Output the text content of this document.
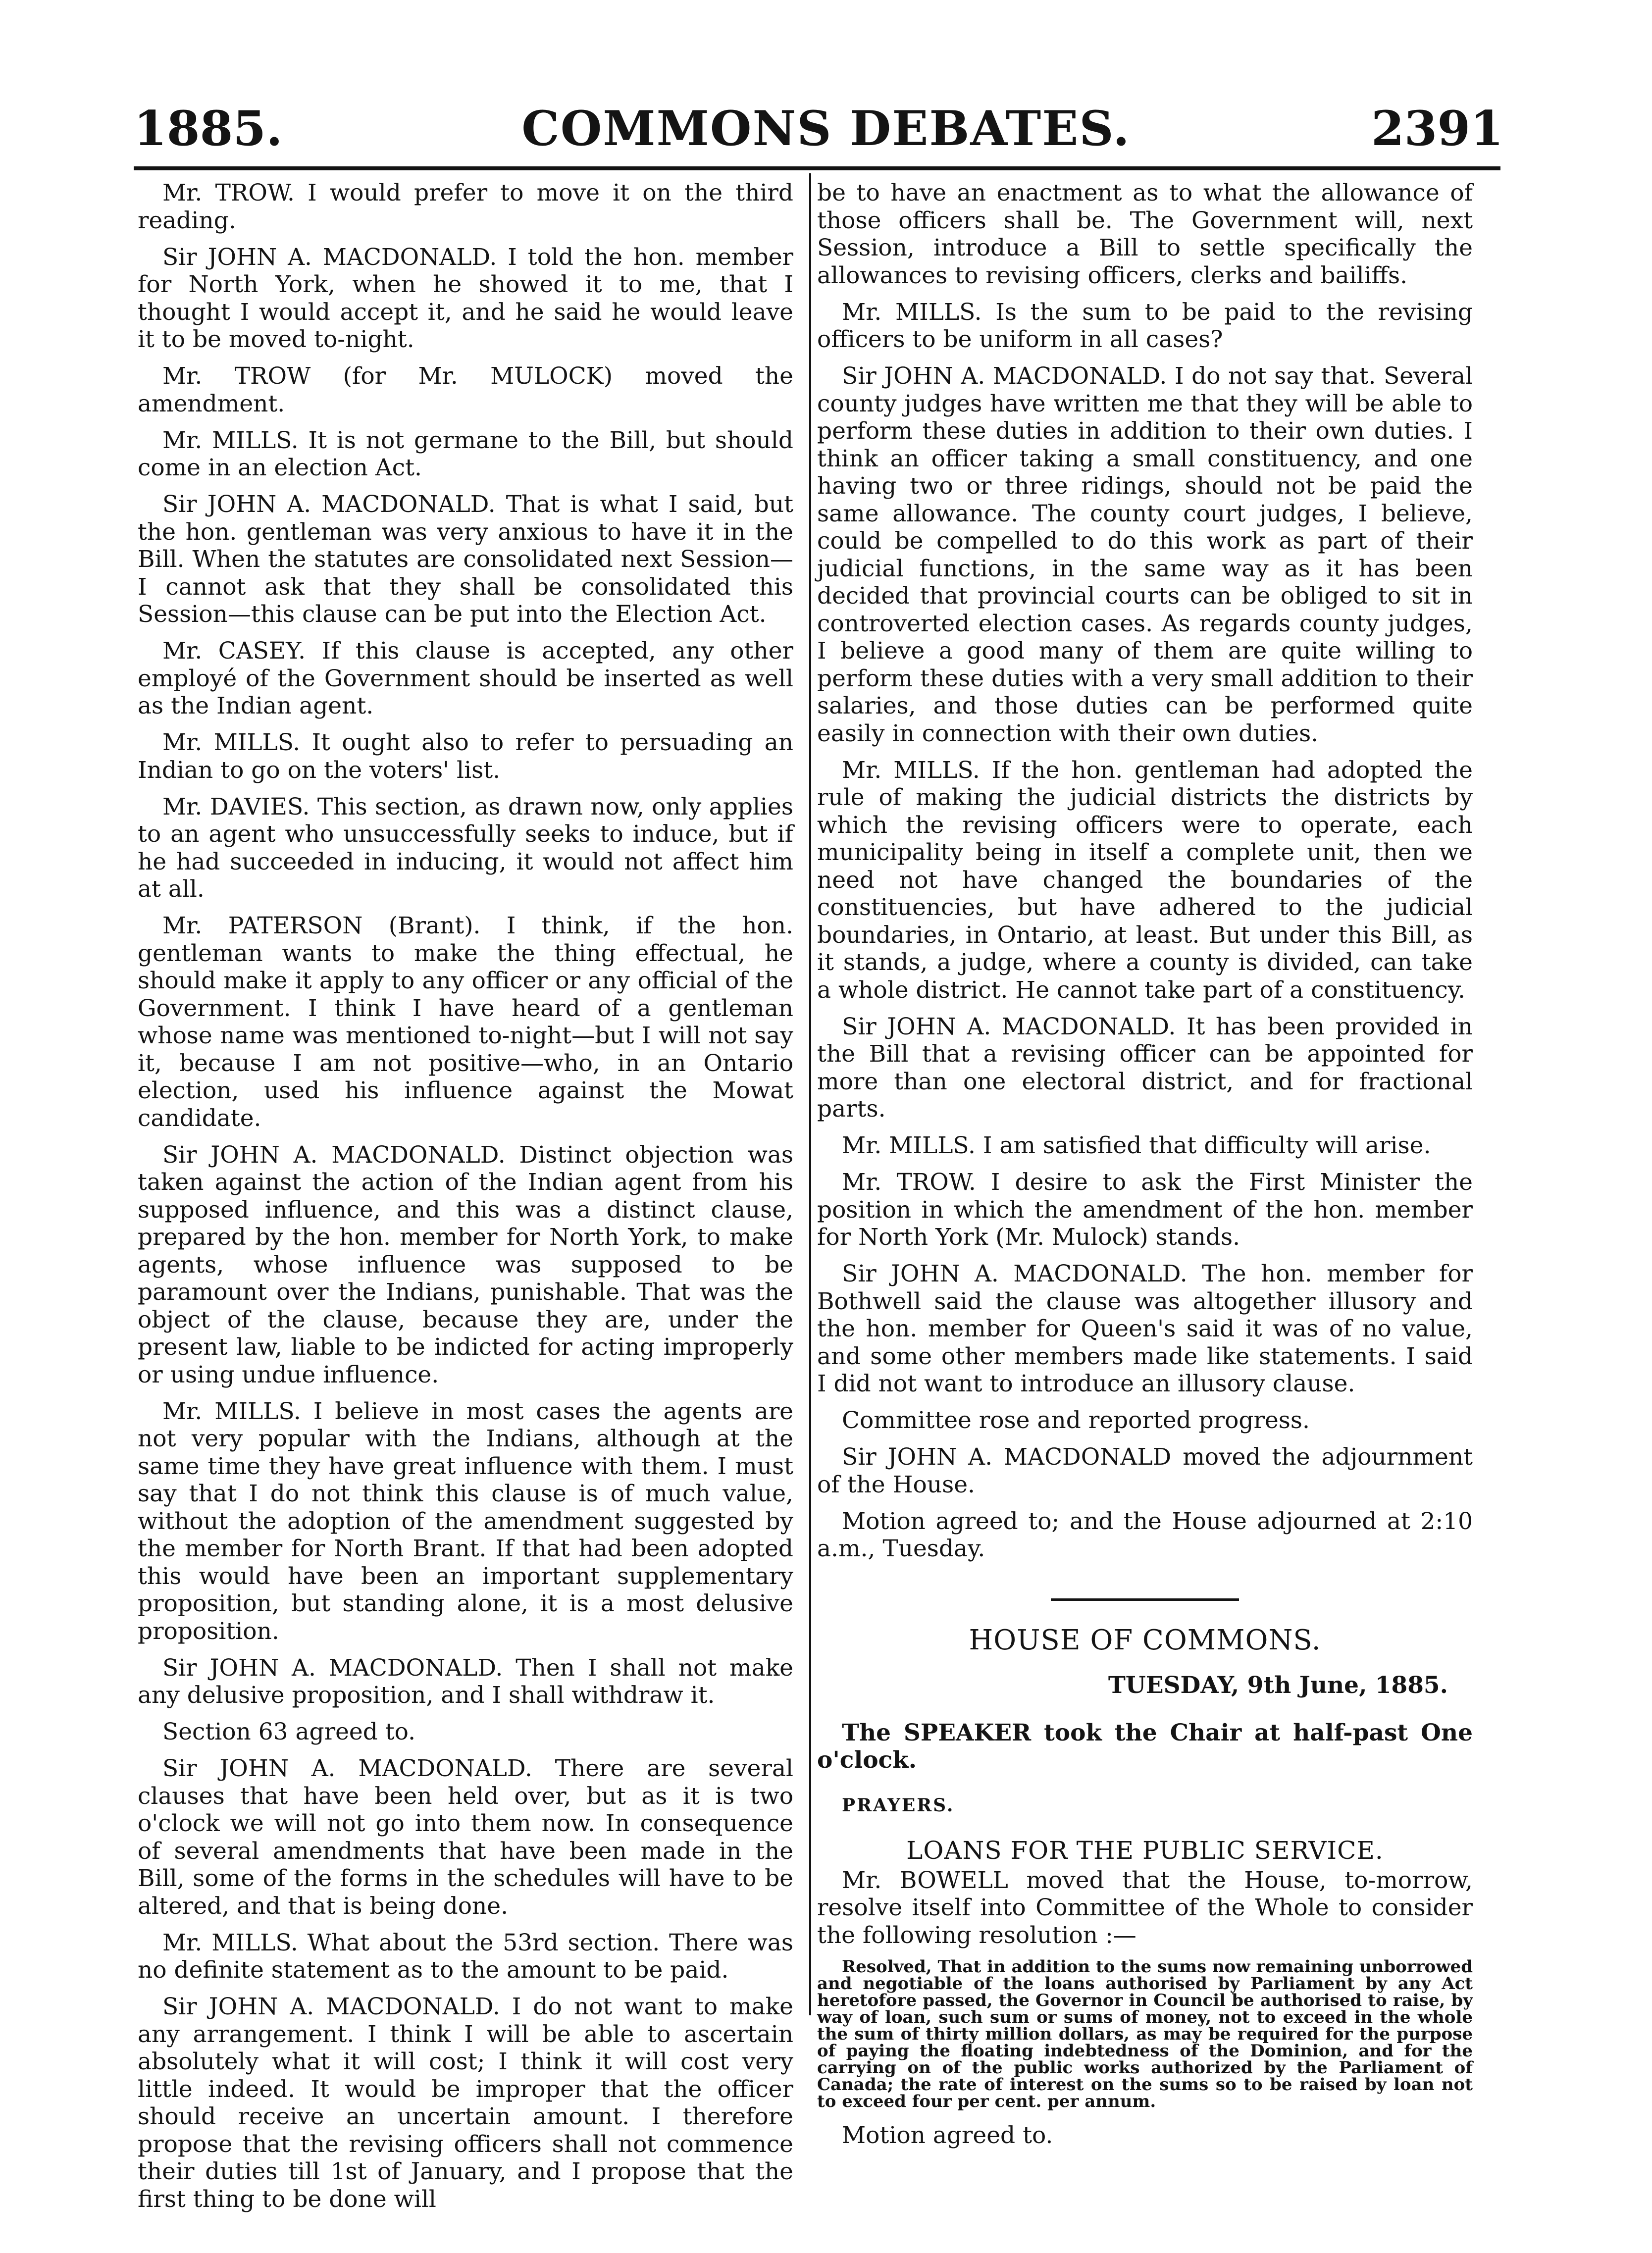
1885.	COMMONS DEBATES.	2391

Mr. TROW. I would prefer to move it on the third reading.

Sir JOHN A. MACDONALD. I told the hon. member for North York, when he showed it to me, that I thought I would accept it, and he said he would leave it to be moved to-night.

Mr. TROW (for Mr. MULOCK) moved the amendment.

Mr. MILLS. It is not germane to the Bill, but should come in an election Act.

Sir JOHN A. MACDONALD. That is what I said, but the hon. gentleman was very anxious to have it in the Bill. When the statutes are consolidated next Session—I cannot ask that they shall be consolidated this Session—this clause can be put into the Election Act.

Mr. CASEY. If this clause is accepted, any other employé of the Government should be inserted as well as the Indian agent.

Mr. MILLS. It ought also to refer to persuading an Indian to go on the voters' list.

Mr. DAVIES. This section, as drawn now, only applies to an agent who unsuccessfully seeks to induce, but if he had succeeded in inducing, it would not affect him at all.

Mr. PATERSON (Brant). I think, if the hon. gentleman wants to make the thing effectual, he should make it apply to any officer or any official of the Government. I think I have heard of a gentleman whose name was mentioned to-night—but I will not say it, because I am not positive—who, in an Ontario election, used his influence against the Mowat candidate.

Sir JOHN A. MACDONALD. Distinct objection was taken against the action of the Indian agent from his supposed influence, and this was a distinct clause, prepared by the hon. member for North York, to make agents, whose influence was supposed to be paramount over the Indians, punishable. That was the object of the clause, because they are, under the present law, liable to be indicted for acting improperly or using undue influence.

Mr. MILLS. I believe in most cases the agents are not very popular with the Indians, although at the same time they have great influence with them. I must say that I do not think this clause is of much value, without the adoption of the amendment suggested by the member for North Brant. If that had been adopted this would have been an important supplementary proposition, but standing alone, it is a most delusive proposition.

Sir JOHN A. MACDONALD. Then I shall not make any delusive proposition, and I shall withdraw it.

Section 63 agreed to.

Sir JOHN A. MACDONALD. There are several clauses that have been held over, but as it is two o'clock we will not go into them now. In consequence of several amendments that have been made in the Bill, some of the forms in the schedules will have to be altered, and that is being done.

Mr. MILLS. What about the 53rd section. There was no definite statement as to the amount to be paid.

Sir JOHN A. MACDONALD. I do not want to make any arrangement. I think I will be able to ascertain absolutely what it will cost; I think it will cost very little indeed. It would be improper that the officer should receive an uncertain amount. I therefore propose that the revising officers shall not commence their duties till 1st of January, and I propose that the first thing to be done will

be to have an enactment as to what the allowance of those officers shall be. The Government will, next Session, introduce a Bill to settle specifically the allowances to revising officers, clerks and bailiffs.

Mr. MILLS. Is the sum to be paid to the revising officers to be uniform in all cases?

Sir JOHN A. MACDONALD. I do not say that. Several county judges have written me that they will be able to perform these duties in addition to their own duties. I think an officer taking a small constituency, and one having two or three ridings, should not be paid the same allowance. The county court judges, I believe, could be compelled to do this work as part of their judicial functions, in the same way as it has been decided that provincial courts can be obliged to sit in controverted election cases. As regards county judges, I believe a good many of them are quite willing to perform these duties with a very small addition to their salaries, and those duties can be performed quite easily in connection with their own duties.

Mr. MILLS. If the hon. gentleman had adopted the rule of making the judicial districts the districts by which the revising officers were to operate, each municipality being in itself a complete unit, then we need not have changed the boundaries of the constituencies, but have adhered to the judicial boundaries, in Ontario, at least. But under this Bill, as it stands, a judge, where a county is divided, can take a whole district. He cannot take part of a constituency.

Sir JOHN A. MACDONALD. It has been provided in the Bill that a revising officer can be appointed for more than one electoral district, and for fractional parts.

Mr. MILLS. I am satisfied that difficulty will arise.

Mr. TROW. I desire to ask the First Minister the position in which the amendment of the hon. member for North York (Mr. Mulock) stands.

Sir JOHN A. MACDONALD. The hon. member for Bothwell said the clause was altogether illusory and the hon. member for Queen's said it was of no value, and some other members made like statements. I said I did not want to introduce an illusory clause.

Committee rose and reported progress.

Sir JOHN A. MACDONALD moved the adjournment of the House.

Motion agreed to; and the House adjourned at 2:10 a.m., Tuesday.

HOUSE OF COMMONS.

TUESDAY, 9th June, 1885.

The SPEAKER took the Chair at half-past One o'clock.

PRAYERS.

LOANS FOR THE PUBLIC SERVICE.

Mr. BOWELL moved that the House, to-morrow, resolve itself into Committee of the Whole to consider the following resolution :—

Resolved, That in addition to the sums now remaining unborrowed and negotiable of the loans authorised by Parliament by any Act heretofore passed, the Governor in Council be authorised to raise, by way of loan, such sum or sums of money, not to exceed in the whole the sum of thirty million dollars, as may be required for the purpose of paying the floating indebtedness of the Dominion, and for the carrying on of the public works authorized by the Parliament of Canada; the rate of interest on the sums so to be raised by loan not to exceed four per cent. per annum.

Motion agreed to.
